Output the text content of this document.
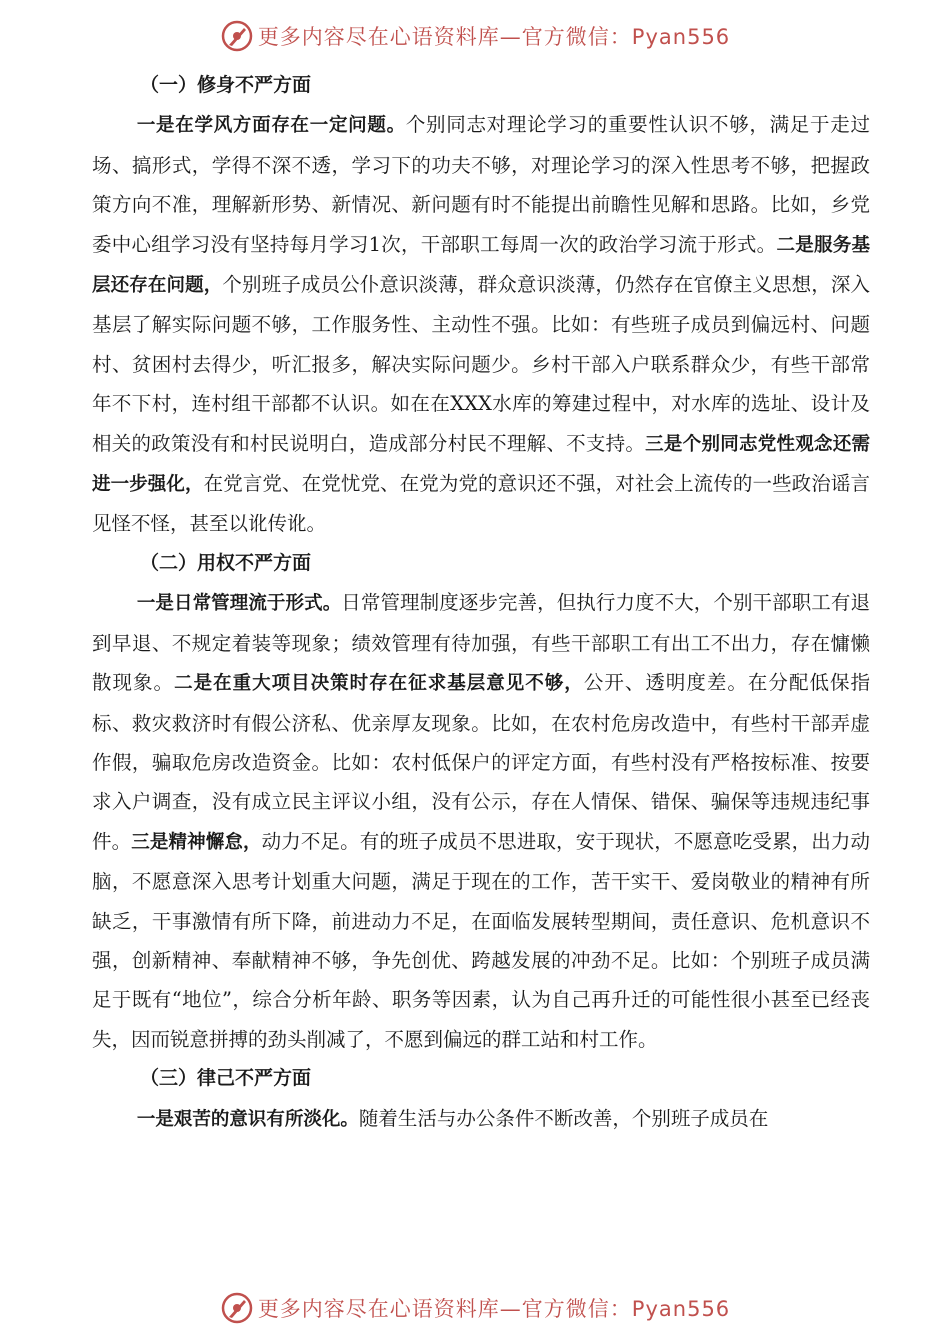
更多内容尽在心语资料库—官方微信：Pyan556

（一）修身不严方面

一是在学风方面存在一定问题。个别同志对理论学习的重要性认识不够，满足于走过场、搞形式，学得不深不透，学习下的功夫不够，对理论学习的深入性思考不够，把握政策方向不准，理解新形势、新情况、新问题有时不能提出前瞻性见解和思路。比如，乡党委中心组学习没有坚持每月学习1次，干部职工每周一次的政治学习流于形式。二是服务基层还存在问题，个别班子成员公仆意识淡薄，群众意识淡薄，仍然存在官僚主义思想，深入基层了解实际问题不够，工作服务性、主动性不强。比如：有些班子成员到偏远村、问题村、贫困村去得少，听汇报多，解决实际问题少。乡村干部入户联系群众少，有些干部常年不下村，连村组干部都不认识。如在在XXX水库的筹建过程中，对水库的选址、设计及相关的政策没有和村民说明白，造成部分村民不理解、不支持。三是个别同志党性观念还需进一步强化，在党言党、在党忧党、在党为党的意识还不强，对社会上流传的一些政治谣言见怪不怪，甚至以讹传讹。

（二）用权不严方面

一是日常管理流于形式。日常管理制度逐步完善，但执行力度不大，个别干部职工有退到早退、不规定着装等现象；绩效管理有待加强，有些干部职工有出工不出力，存在慵懒散现象。二是在重大项目决策时存在征求基层意见不够，公开、透明度差。在分配低保指标、救灾救济时有假公济私、优亲厚友现象。比如，在农村危房改造中，有些村干部弄虚作假，骗取危房改造资金。比如：农村低保户的评定方面，有些村没有严格按标准、按要求入户调查，没有成立民主评议小组，没有公示，存在人情保、错保、骗保等违规违纪事件。三是精神懈怠，动力不足。有的班子成员不思进取，安于现状，不愿意吃受累，出力动脑，不愿意深入思考计划重大问题，满足于现在的工作，苦干实干、爱岗敬业的精神有所缺乏，干事激情有所下降，前进动力不足，在面临发展转型期间，责任意识、危机意识不强，创新精神、奉献精神不够，争先创优、跨越发展的冲劲不足。比如：个别班子成员满足于既有“地位”，综合分析年龄、职务等因素，认为自己再升迁的可能性很小甚至已经丧失，因而锐意拼搏的劲头削减了，不愿到偏远的群工站和村工作。

（三）律己不严方面

一是艰苦的意识有所淡化。随着生活与办公条件不断改善，个别班子成员在

更多内容尽在心语资料库—官方微信：Pyan556
